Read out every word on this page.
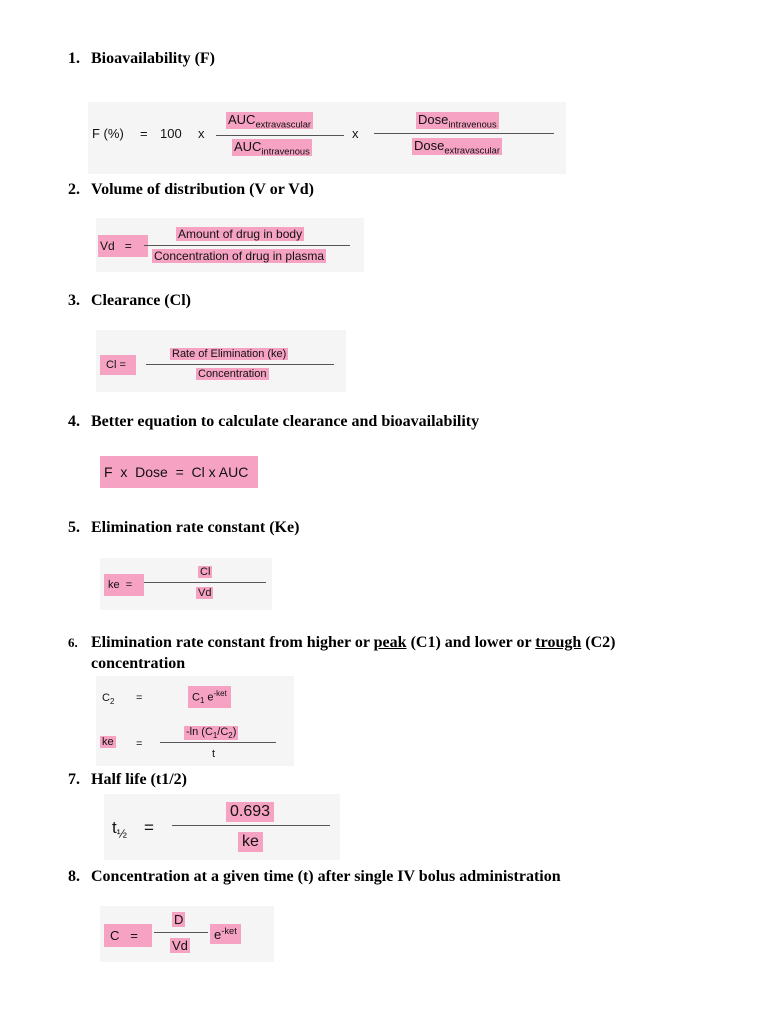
1. Bioavailability (F)
F (%) = 100 x
$AUC_{extravascular}$
$AUC_{intravenous}$
x
Dose$_{intravenous}$
Dose$_{extravascular}$
2. Volume of distribution (V or Vd)
Vd =
Amount of drug in body
Concentration of drug in plasma
3. Clearance (Cl)
Cl =
Rate of Elimination (ke)
Concentration
4. Better equation to calculate clearance and bioavailability
F  x  Dose  =  Cl x AUC
5. Elimination rate constant (Ke)
ke =
Cl
Vd
6. Elimination rate constant from higher or peak (C1) and lower or trough (C2)
concentration
$C_2$ =	$C_1$ $e^{-ket}$
ke =
-ln $(C_1/C_2)$
t
7. Half life (t1/2)
$t_{\frac{1}{2}}$ =
0.693
ke
8. Concentration at a given time (t) after single IV bolus administration
C =
D
Vd
$e^{-ket}$
